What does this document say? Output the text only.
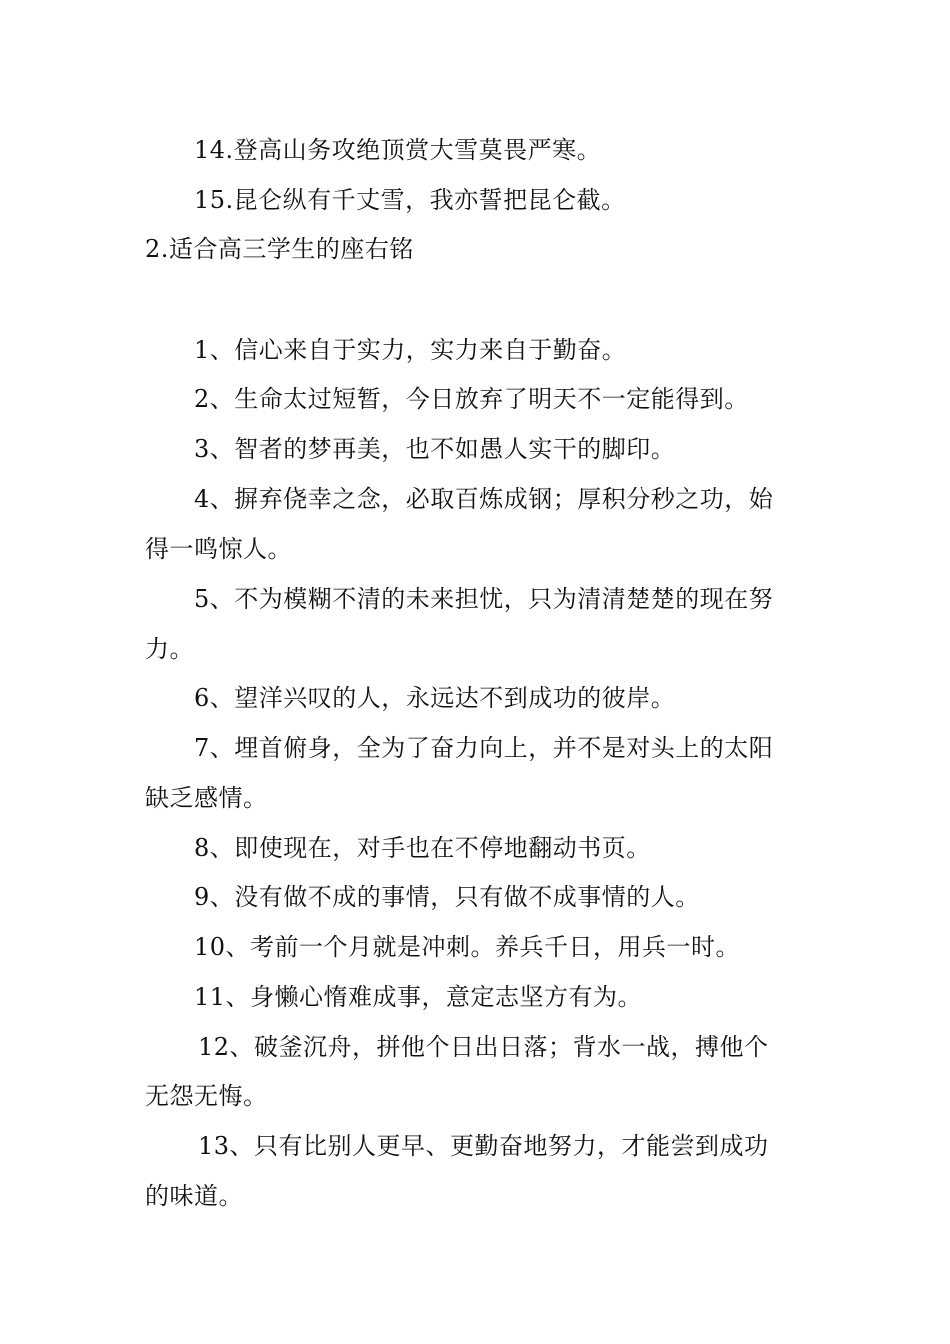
14.登高山务攻绝顶赏大雪莫畏严寒。

15.昆仑纵有千丈雪，我亦誓把昆仑截。

2.适合高三学生的座右铭

1、信心来自于实力，实力来自于勤奋。

2、生命太过短暂，今日放弃了明天不一定能得到。

3、智者的梦再美，也不如愚人实干的脚印。

4、摒弃侥幸之念，必取百炼成钢；厚积分秒之功，始

得一鸣惊人。

5、不为模糊不清的未来担忧，只为清清楚楚的现在努

力。

6、望洋兴叹的人，永远达不到成功的彼岸。

7、埋首俯身，全为了奋力向上，并不是对头上的太阳

缺乏感情。

8、即使现在，对手也在不停地翻动书页。

9、没有做不成的事情，只有做不成事情的人。

10、考前一个月就是冲刺。养兵千日，用兵一时。

11、身懒心惰难成事，意定志坚方有为。

12、破釜沉舟，拼他个日出日落；背水一战，搏他个

无怨无悔。

13、只有比别人更早、更勤奋地努力，才能尝到成功

的味道。
